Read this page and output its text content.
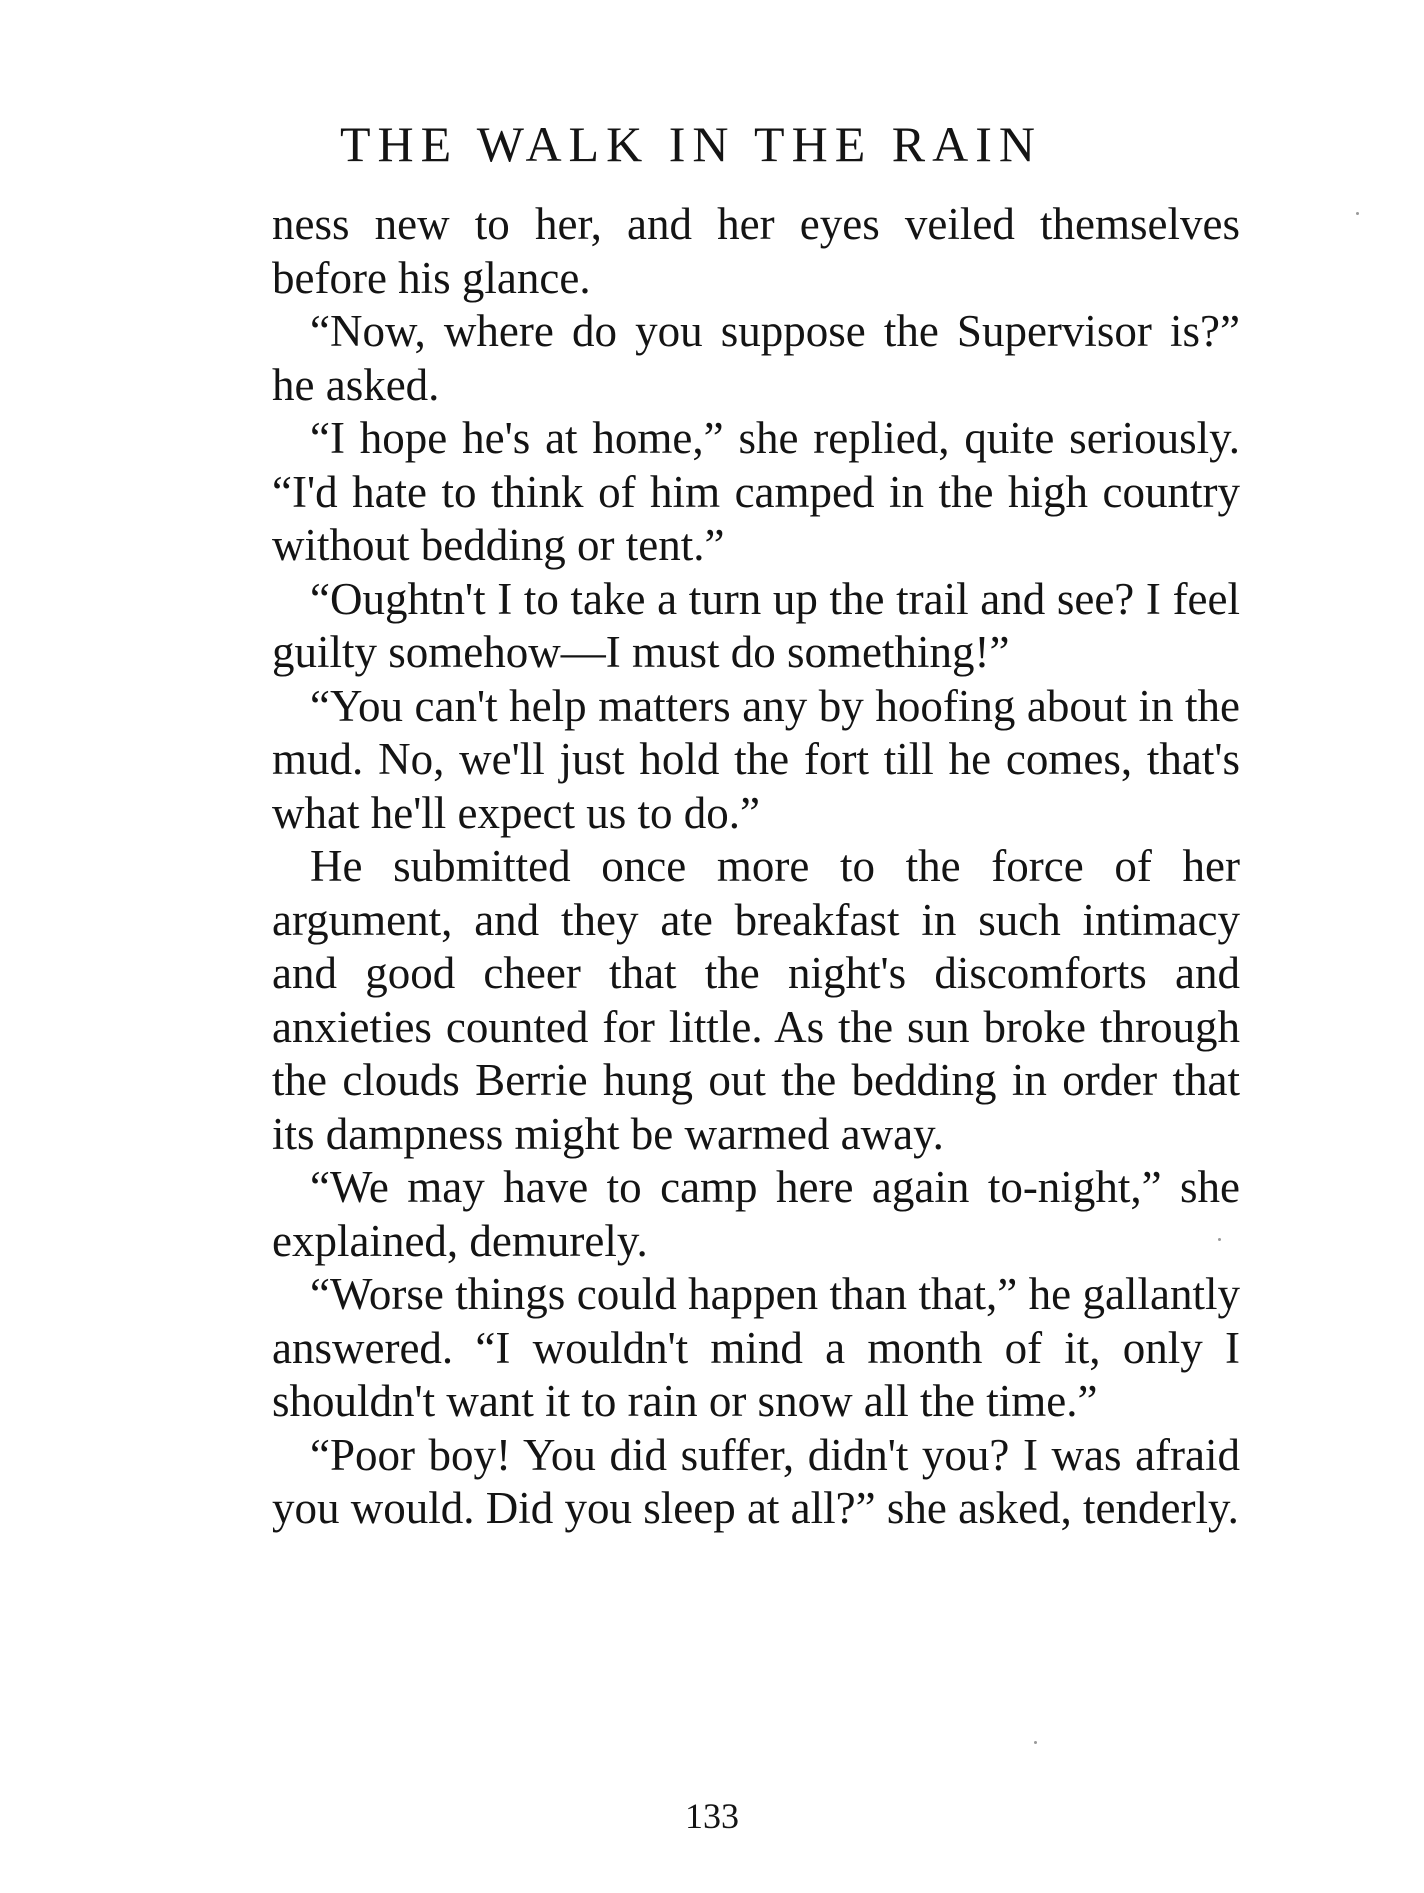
THE WALK IN THE RAIN

ness new to her, and her eyes veiled themselves before his glance.

“Now, where do you suppose the Supervisor is?” he asked.

“I hope he's at home,” she replied, quite seriously. “I'd hate to think of him camped in the high country without bedding or tent.”

“Oughtn't I to take a turn up the trail and see? I feel guilty somehow—I must do something!”

“You can't help matters any by hoofing about in the mud. No, we'll just hold the fort till he comes, that's what he'll expect us to do.”

He submitted once more to the force of her argument, and they ate breakfast in such intimacy and good cheer that the night's discomforts and anxieties counted for little. As the sun broke through the clouds Berrie hung out the bedding in order that its dampness might be warmed away.

“We may have to camp here again to-night,” she explained, demurely.

“Worse things could happen than that,” he gallantly answered. “I wouldn't mind a month of it, only I shouldn't want it to rain or snow all the time.”

“Poor boy! You did suffer, didn't you? I was afraid you would. Did you sleep at all?” she asked, tenderly.

133
